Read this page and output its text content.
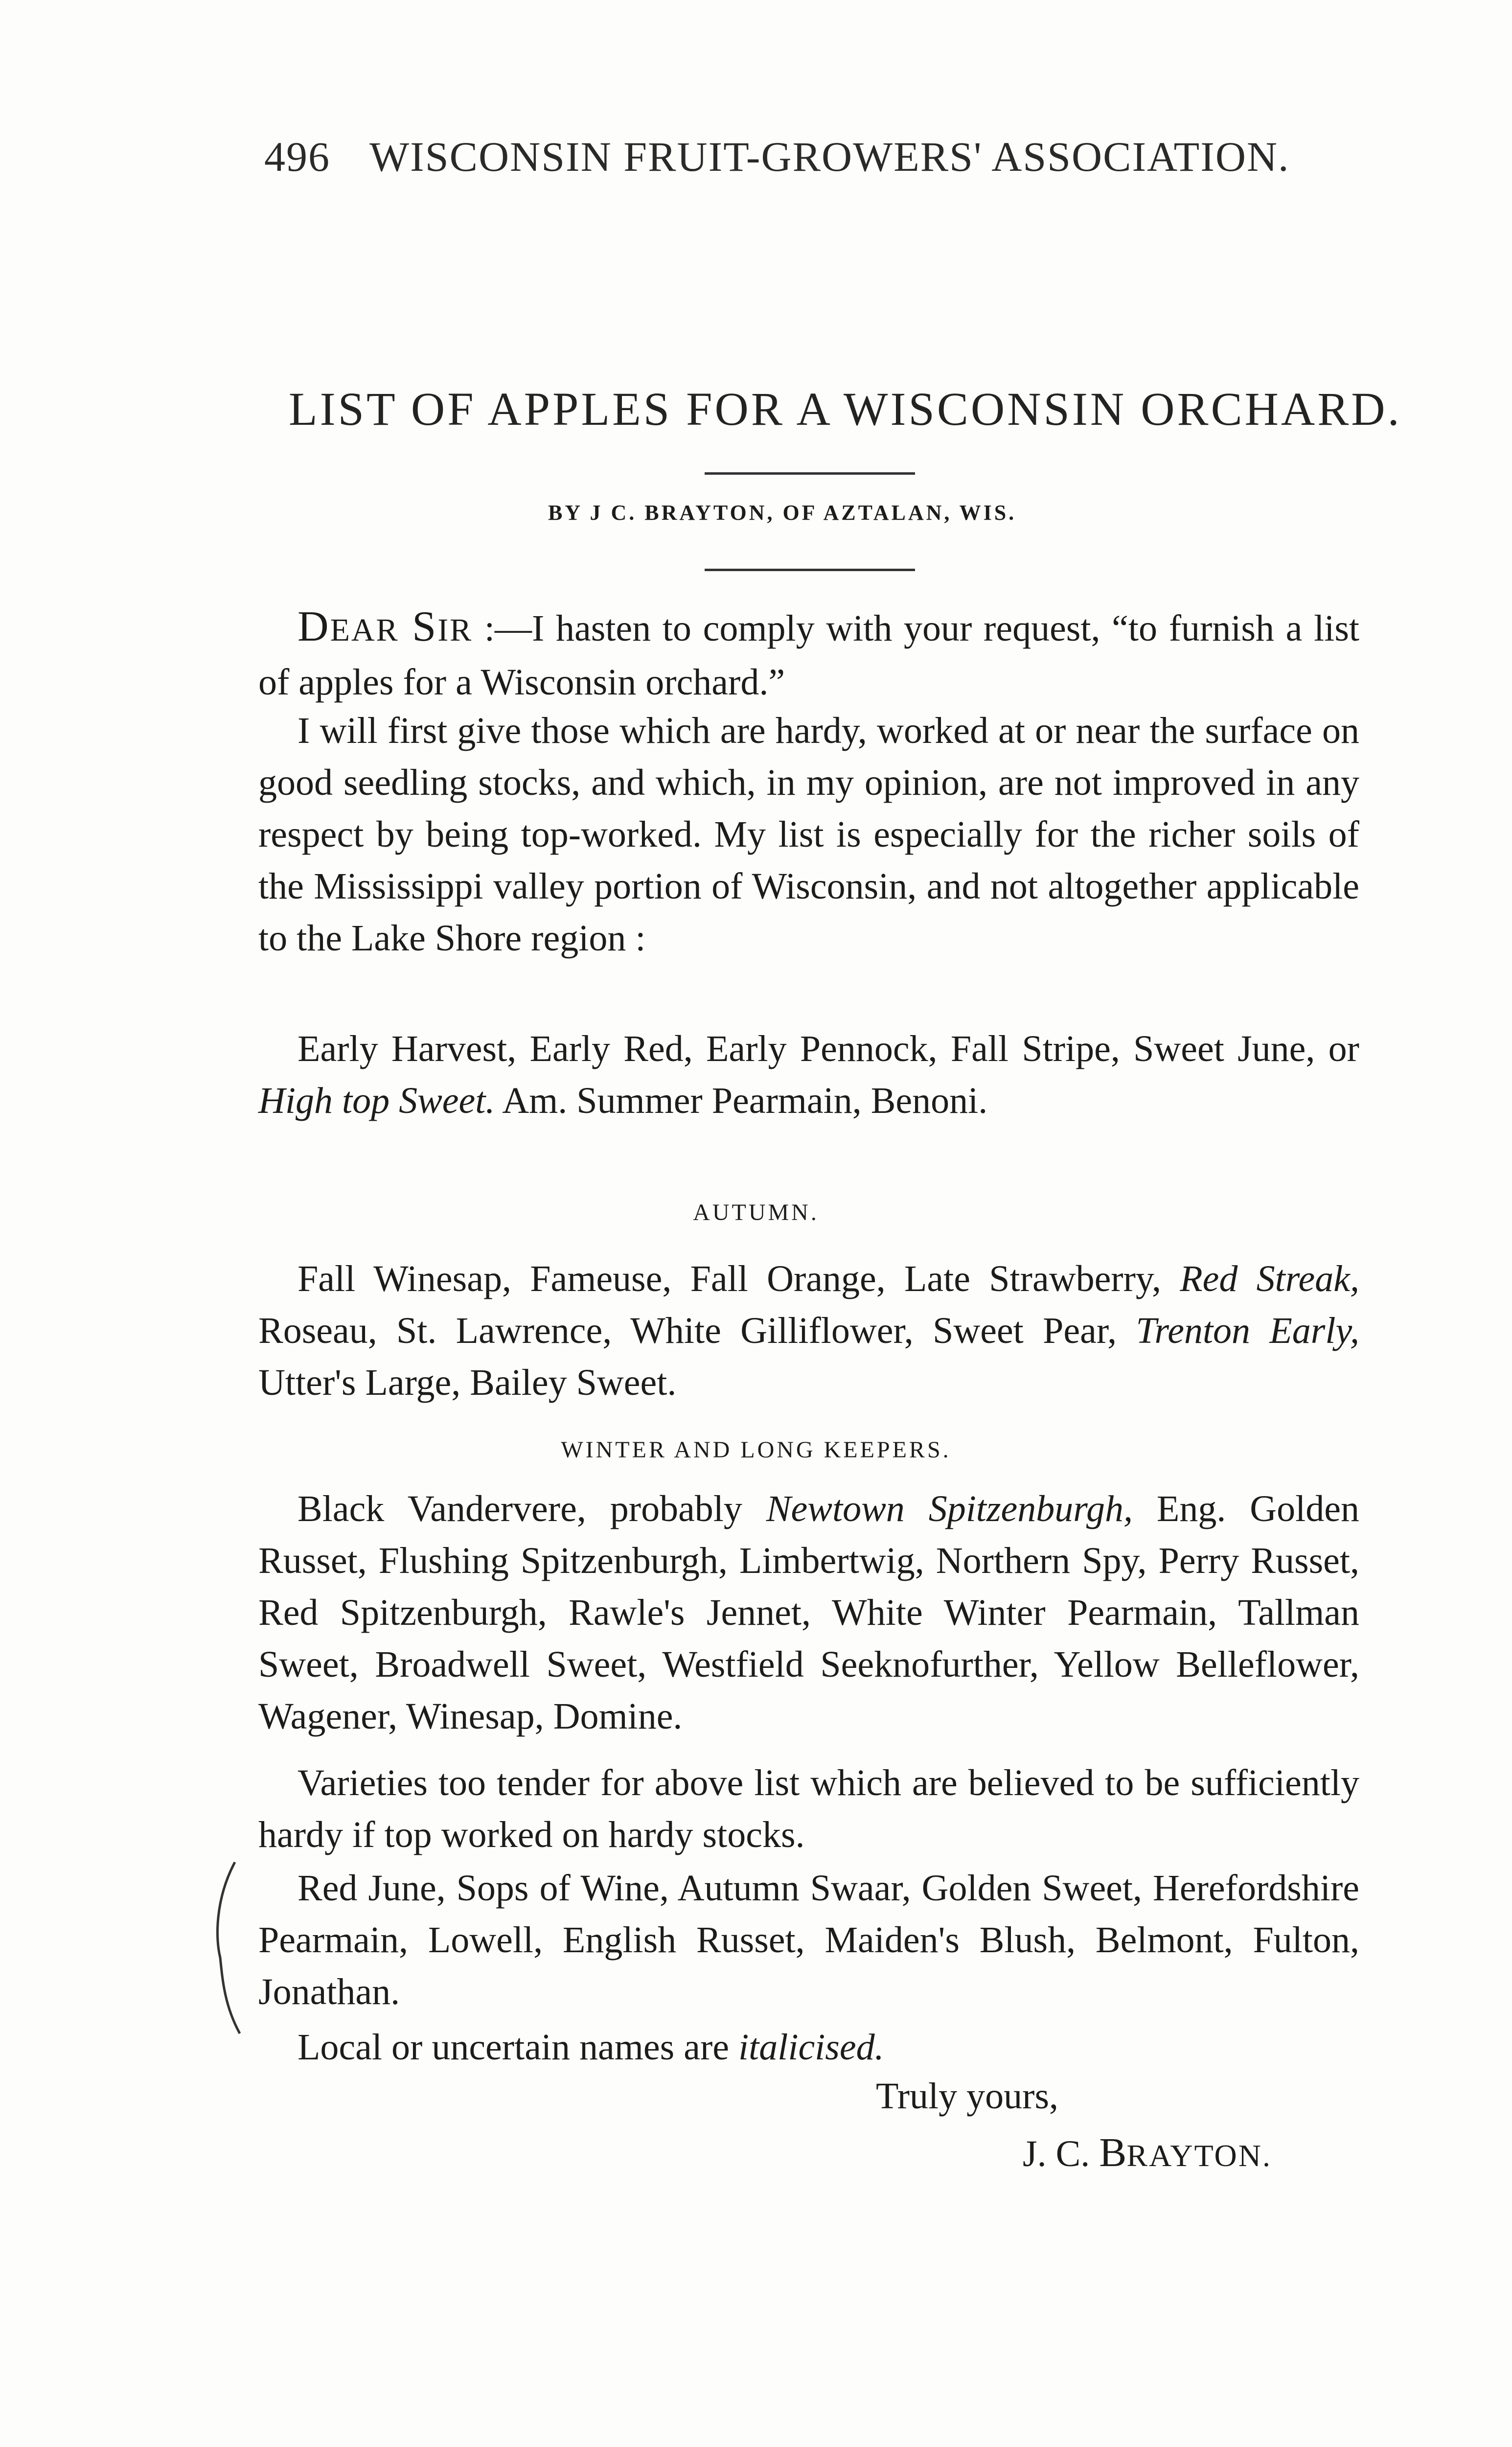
496 WISCONSIN FRUIT-GROWERS' ASSOCIATION.
LIST OF APPLES FOR A WISCONSIN ORCHARD.
BY J C. BRAYTON, OF AZTALAN, WIS.

DEAR SIR :—I hasten to comply with your request, “to furnish a list of apples for a Wisconsin orchard.”

I will first give those which are hardy, worked at or near the surface on good seedling stocks, and which, in my opinion, are not improved in any respect by being top-worked. My list is especially for the richer soils of the Mississippi valley portion of Wisconsin, and not altogether applicable to the Lake Shore region :

Early Harvest, Early Red, Early Pennock, Fall Stripe, Sweet June, or High top Sweet. Am. Summer Pearmain, Benoni.

AUTUMN.

Fall Winesap, Fameuse, Fall Orange, Late Strawberry, Red Streak, Roseau, St. Lawrence, White Gilliflower, Sweet Pear, Trenton Early, Utter's Large, Bailey Sweet.

WINTER AND LONG KEEPERS.

Black Vandervere, probably Newtown Spitzenburgh, Eng. Golden Russet, Flushing Spitzenburgh, Limbertwig, Northern Spy, Perry Russet, Red Spitzenburgh, Rawle's Jennet, White Winter Pearmain, Tallman Sweet, Broadwell Sweet, Westfield Seeknofurther, Yellow Belleflower, Wagener, Winesap, Domine.

Varieties too tender for above list which are believed to be sufficiently hardy if top worked on hardy stocks.

Red June, Sops of Wine, Autumn Swaar, Golden Sweet, Herefordshire Pearmain, Lowell, English Russet, Maiden's Blush, Belmont, Fulton, Jonathan.

Local or uncertain names are italicised.

Truly yours,
J. C. BRAYTON.
